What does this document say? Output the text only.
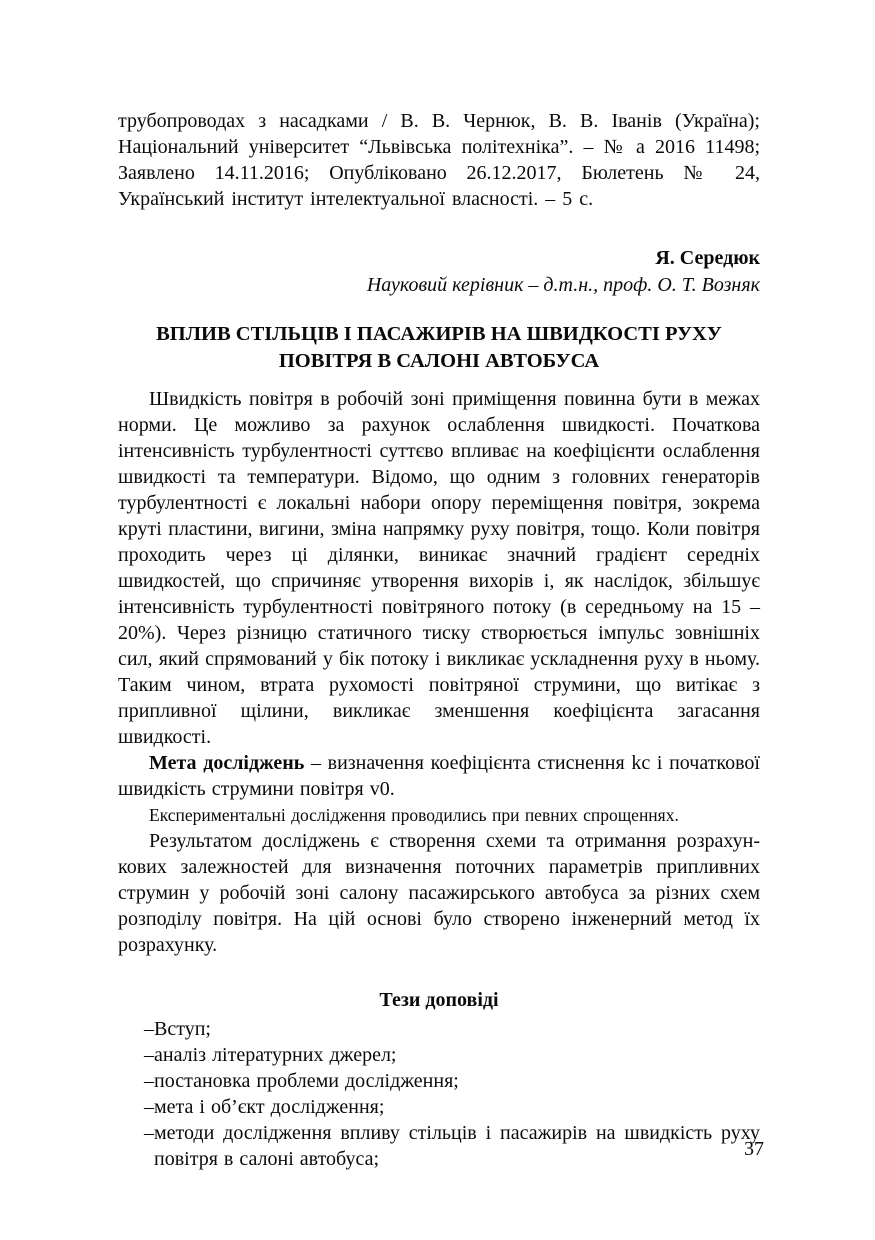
трубопроводах з насадками / В. В. Чернюк, В. В. Іванів (Україна); Національний університет “Львівська політехніка”. – № а 2016 11498; Заявлено 14.11.2016; Опубліковано 26.12.2017, Бюлетень № 24, Український інститут інтелектуальної власності. – 5 с.

Я. Середюк
Науковий керівник – д.т.н., проф. О. Т. Возняк
ВПЛИВ СТІЛЬЦІВ І ПАСАЖИРІВ НА ШВИДКОСТІ РУХУ ПОВІТРЯ В САЛОНІ АВТОБУСА

Швидкість повітря в робочій зоні приміщення повинна бути в межах норми. Це можливо за рахунок ослаблення швидкості. Початкова інтенсивність турбулентності суттєво впливає на коефіцієнти ослаблення швидкості та температури. Відомо, що одним з головних генераторів турбулентності є локальні набори опору переміщення повітря, зокрема круті пластини, вигини, зміна напрямку руху повітря, тощо. Коли повітря проходить через ці ділянки, виникає значний градієнт середніх швидкостей, що спричиняє утворення вихорів і, як наслідок, збільшує інтенсивність турбулентності повітряного потоку (в середньому на 15 – 20%). Через різницю статичного тиску створюється імпульс зовнішніх сил, який спрямований у бік потоку і викликає ускладнення руху в ньому. Таким чином, втрата рухомості повітряної струмини, що витікає з припливної щілини, викликає зменшення коефіцієнта загасання швидкості.

Мета досліджень – визначення коефіцієнта стиснення kc і початкової швидкість струмини повітря v0.

Експериментальні дослідження проводились при певних спрощеннях.

Результатом досліджень є створення схеми та отримання розрахункових залежностей для визначення поточних параметрів припливних струмин у робочій зоні салону пасажирського автобуса за різних схем розподілу повітря. На цій основі було створено інженерний метод їх розрахунку.

Тези доповіді
– Вступ;
– аналіз літературних джерел;
– постановка проблеми дослідження;
– мета і об’єкт дослідження;
– методи дослідження впливу стільців і пасажирів на швидкість руху повітря в салоні автобуса;	37
